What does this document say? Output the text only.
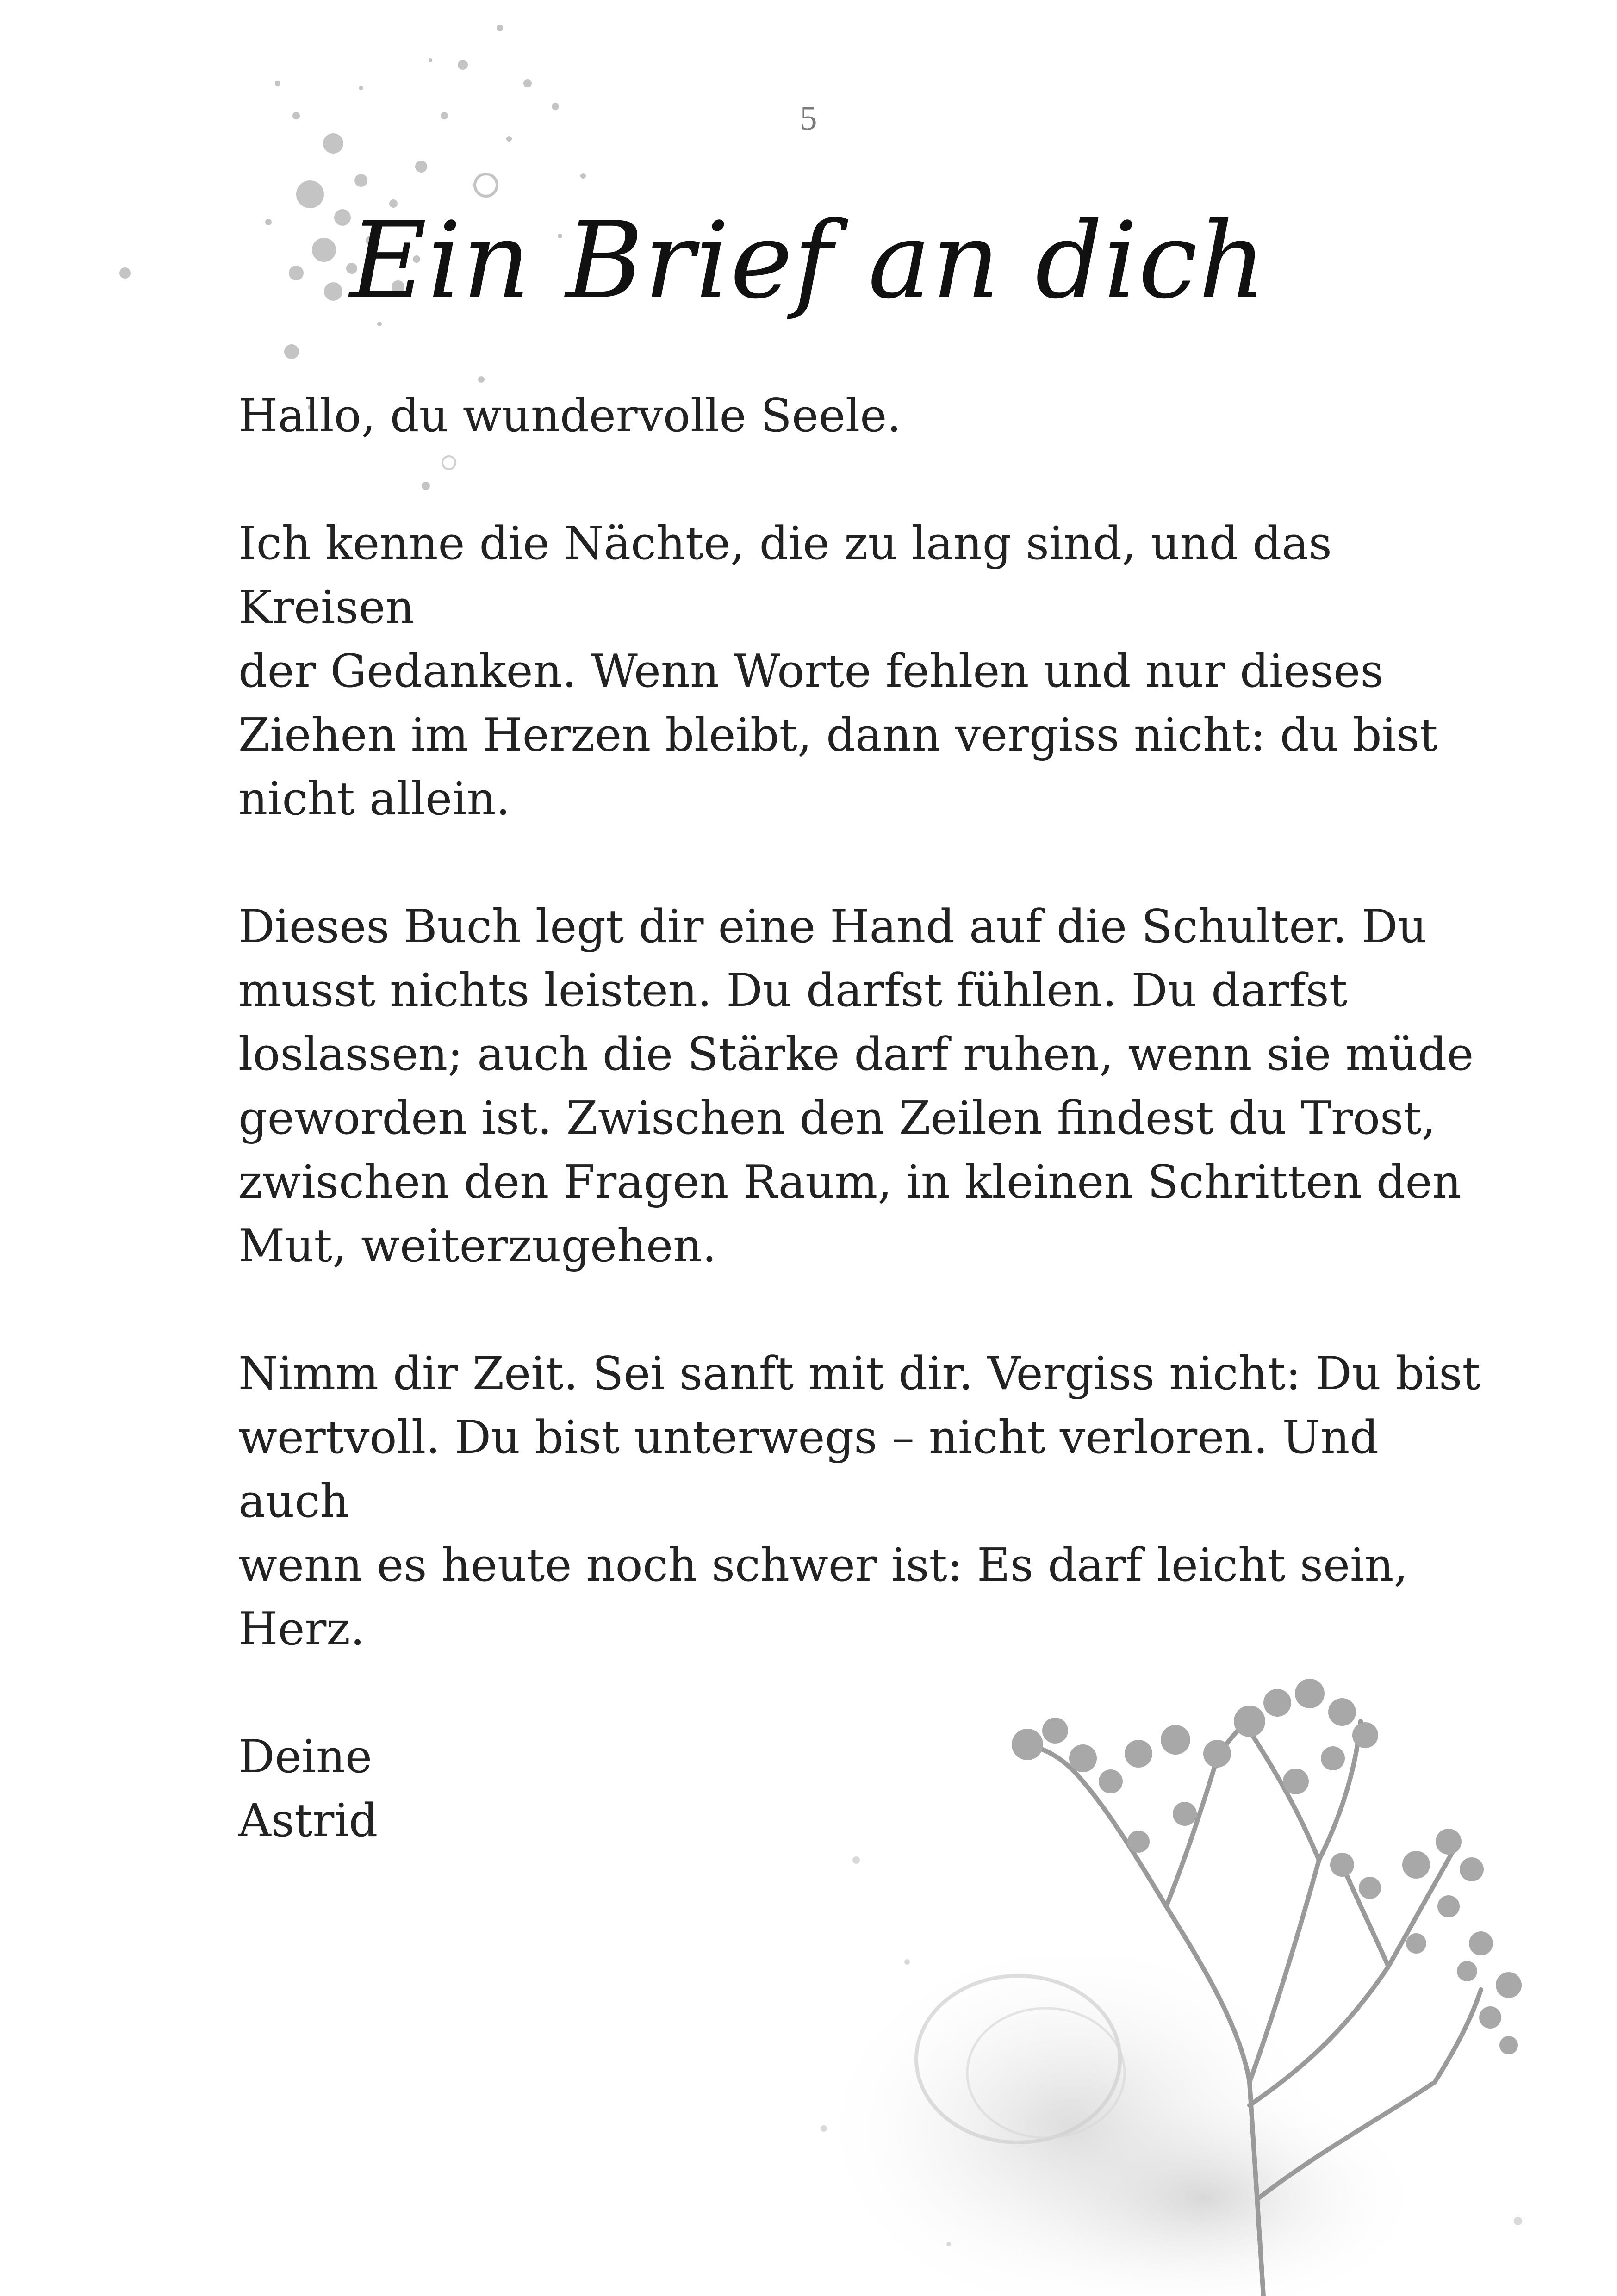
5
Ein Brief an dich

Hallo, du wundervolle Seele.

Ich kenne die Nächte, die zu lang sind, und das Kreisen
der Gedanken. Wenn Worte fehlen und nur dieses
Ziehen im Herzen bleibt, dann vergiss nicht: du bist
nicht allein.

Dieses Buch legt dir eine Hand auf die Schulter. Du
musst nichts leisten. Du darfst fühlen. Du darfst
loslassen; auch die Stärke darf ruhen, wenn sie müde
geworden ist. Zwischen den Zeilen findest du Trost,
zwischen den Fragen Raum, in kleinen Schritten den
Mut, weiterzugehen.

Nimm dir Zeit. Sei sanft mit dir. Vergiss nicht: Du bist
wertvoll. Du bist unterwegs – nicht verloren. Und auch
wenn es heute noch schwer ist: Es darf leicht sein, Herz.

Deine
Astrid
